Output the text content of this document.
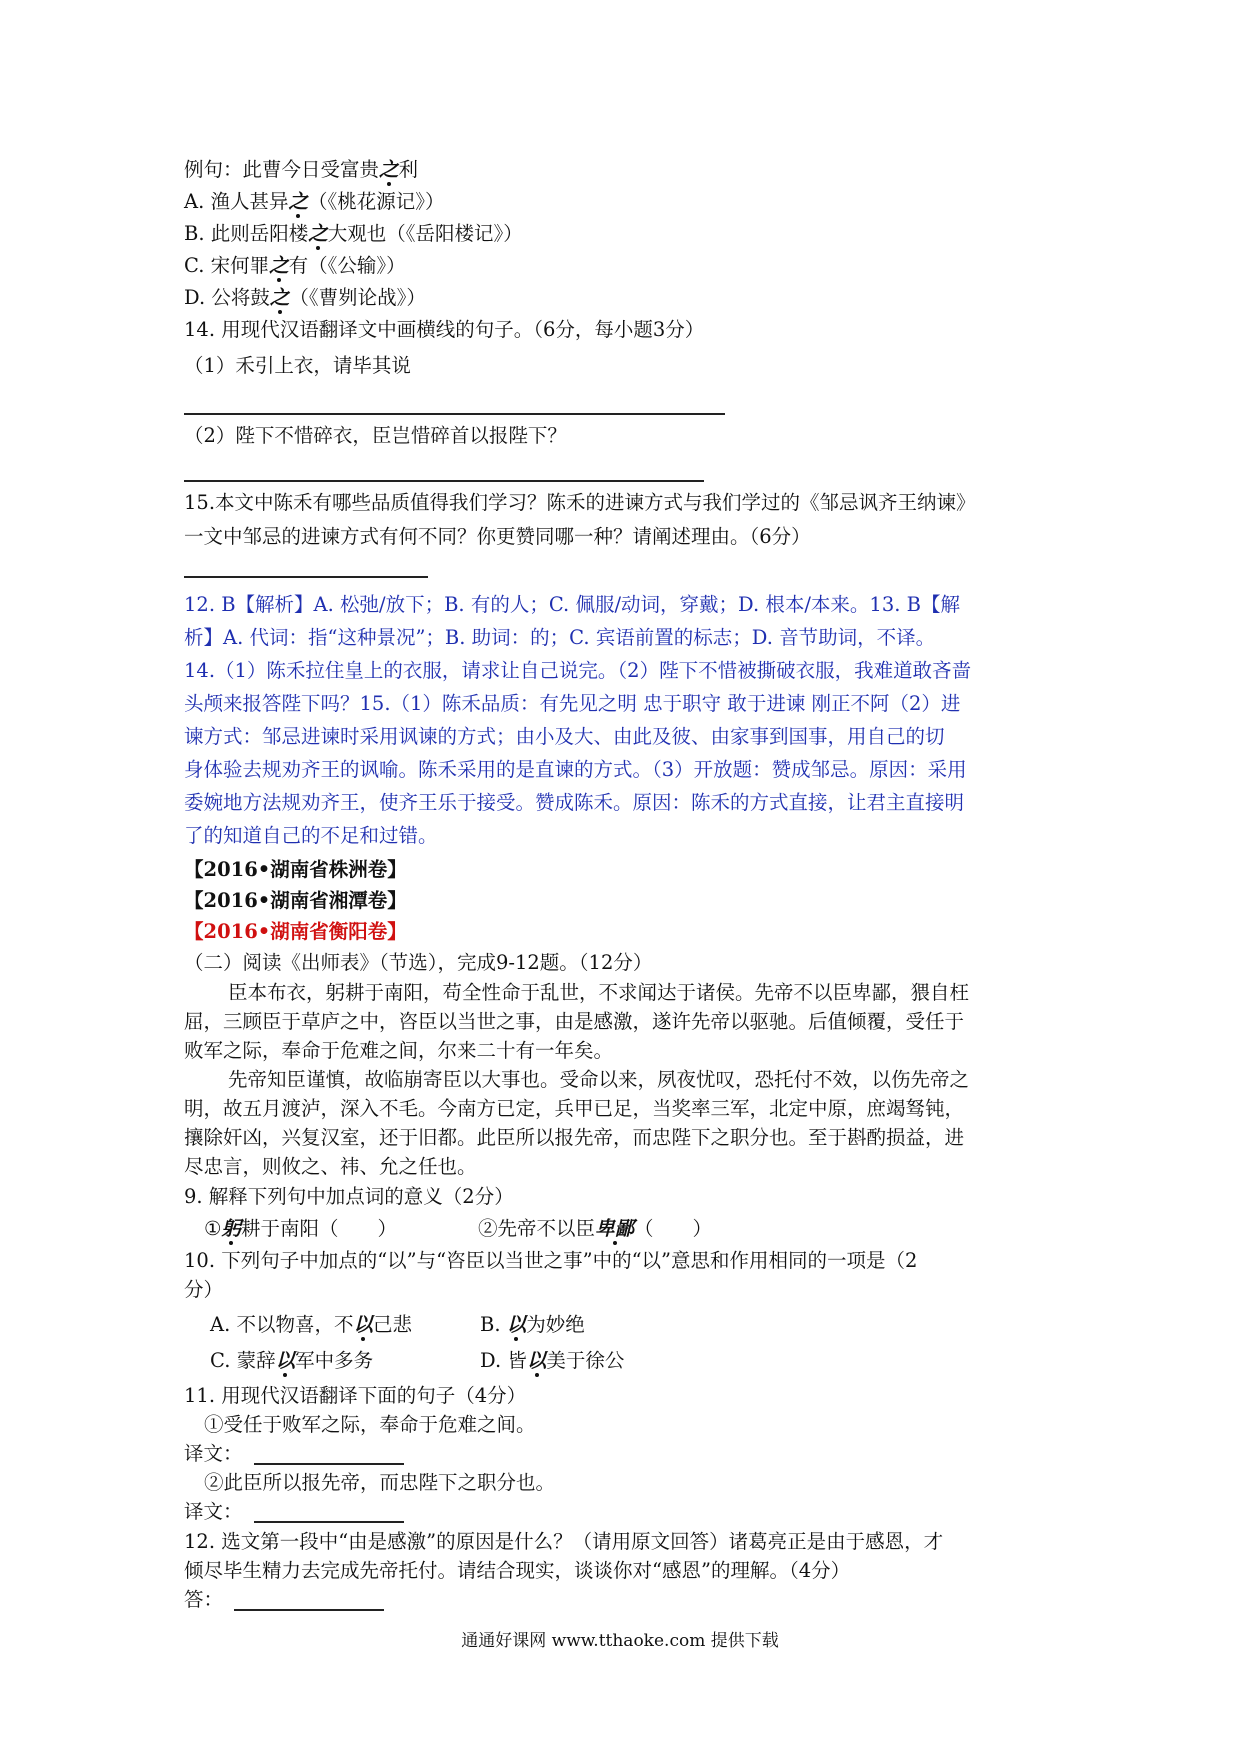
例句：此曹今日受富贵之利
A. 渔人甚异之（《桃花源记》）
B. 此则岳阳楼之大观也（《岳阳楼记》）
C. 宋何罪之有（《公输》）
D. 公将鼓之（《曹刿论战》）
14. 用现代汉语翻译文中画横线的句子。（6分，每小题3分）
（1）禾引上衣，请毕其说
（2）陛下不惜碎衣，臣岂惜碎首以报陛下？
15.本文中陈禾有哪些品质值得我们学习？陈禾的进谏方式与我们学过的《邹忌讽齐王纳谏》
一文中邹忌的进谏方式有何不同？你更赞同哪一种？请阐述理由。（6分）
12. B【解析】A. 松弛/放下；B. 有的人；C. 佩服/动词，穿戴；D. 根本/本来。13. B【解
析】A. 代词：指“这种景况”；B. 助词：的；C. 宾语前置的标志；D. 音节助词，不译。
14.（1）陈禾拉住皇上的衣服，请求让自己说完。（2）陛下不惜被撕破衣服，我难道敢吝啬
头颅来报答陛下吗？15.（1）陈禾品质：有先见之明 忠于职守 敢于进谏 刚正不阿（2）进
谏方式：邹忌进谏时采用讽谏的方式；由小及大、由此及彼、由家事到国事，用自己的切
身体验去规劝齐王的讽喻。陈禾采用的是直谏的方式。（3）开放题：赞成邹忌。原因：采用
委婉地方法规劝齐王，使齐王乐于接受。赞成陈禾。原因：陈禾的方式直接，让君主直接明
了的知道自己的不足和过错。
【2016•湖南省株洲卷】
【2016•湖南省湘潭卷】
【2016•湖南省衡阳卷】
（二）阅读《出师表》（节选），完成9-12题。（12分）
臣本布衣，躬耕于南阳，苟全性命于乱世，不求闻达于诸侯。先帝不以臣卑鄙，猥自枉
屈，三顾臣于草庐之中，咨臣以当世之事，由是感激，遂许先帝以驱驰。后值倾覆，受任于
败军之际，奉命于危难之间，尔来二十有一年矣。
先帝知臣谨慎，故临崩寄臣以大事也。受命以来，夙夜忧叹，恐托付不效，以伤先帝之
明，故五月渡泸，深入不毛。今南方已定，兵甲已足，当奖率三军，北定中原，庶竭驽钝，
攘除奸凶，兴复汉室，还于旧都。此臣所以报先帝，而忠陛下之职分也。至于斟酌损益，进
尽忠言，则攸之、祎、允之任也。
9. 解释下列句中加点词的意义（2分）
①躬耕于南阳（　　）	②先帝不以臣卑鄙（　　）
10. 下列句子中加点的“以”与“咨臣以当世之事”中的“以”意思和作用相同的一项是（2
分）
A. 不以物喜，不以己悲	B. 以为妙绝
C. 蒙辞以军中多务	D. 皆以美于徐公
11. 用现代汉语翻译下面的句子（4分）
①受任于败军之际，奉命于危难之间。
译文：
②此臣所以报先帝，而忠陛下之职分也。
译文：
12. 选文第一段中“由是感激”的原因是什么？（请用原文回答）诸葛亮正是由于感恩，才
倾尽毕生精力去完成先帝托付。请结合现实，谈谈你对“感恩”的理解。（4分）
答：
通通好课网 www.tthaoke.com 提供下载
